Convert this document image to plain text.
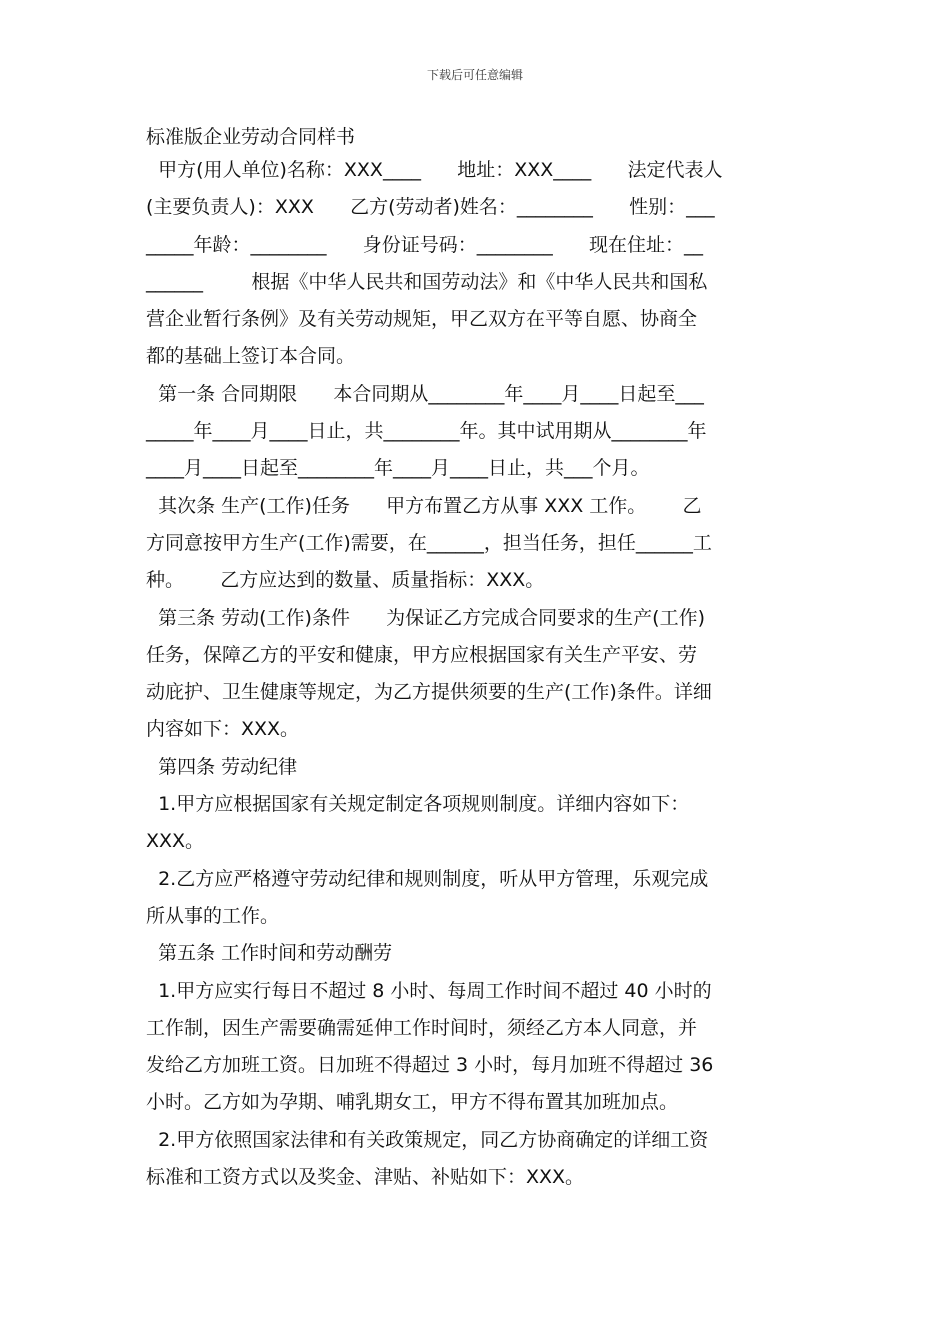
下载后可任意编辑
标准版企业劳动合同样书
甲方(用人单位)名称：XXX____      地址：XXX____      法定代表人
(主要负责人)：XXX      乙方(劳动者)姓名：________      性别：___
_____年龄：________      身份证号码：________      现在住址：__
______        根据《中华人民共和国劳动法》和《中华人民共和国私
营企业暂行条例》及有关劳动规矩，甲乙双方在平等自愿、协商全
都的基础上签订本合同。
第一条 合同期限      本合同期从________年____月____日起至___
_____年____月____日止，共________年。其中试用期从________年
____月____日起至________年____月____日止，共___个月。
其次条 生产(工作)任务      甲方布置乙方从事 XXX 工作。      乙
方同意按甲方生产(工作)需要，在______，担当任务，担任______工
种。      乙方应达到的数量、质量指标：XXX。
第三条 劳动(工作)条件      为保证乙方完成合同要求的生产(工作)
任务，保障乙方的平安和健康，甲方应根据国家有关生产平安、劳
动庇护、卫生健康等规定，为乙方提供须要的生产(工作)条件。详细
内容如下：XXX。
第四条 劳动纪律
1.甲方应根据国家有关规定制定各项规则制度。详细内容如下：
XXX。
2.乙方应严格遵守劳动纪律和规则制度，听从甲方管理，乐观完成
所从事的工作。
第五条 工作时间和劳动酬劳
1.甲方应实行每日不超过 8 小时、每周工作时间不超过 40 小时的
工作制，因生产需要确需延伸工作时间时，须经乙方本人同意，并
发给乙方加班工资。日加班不得超过 3 小时，每月加班不得超过 36
小时。乙方如为孕期、哺乳期女工，甲方不得布置其加班加点。
2.甲方依照国家法律和有关政策规定，同乙方协商确定的详细工资
标准和工资方式以及奖金、津贴、补贴如下：XXX。
